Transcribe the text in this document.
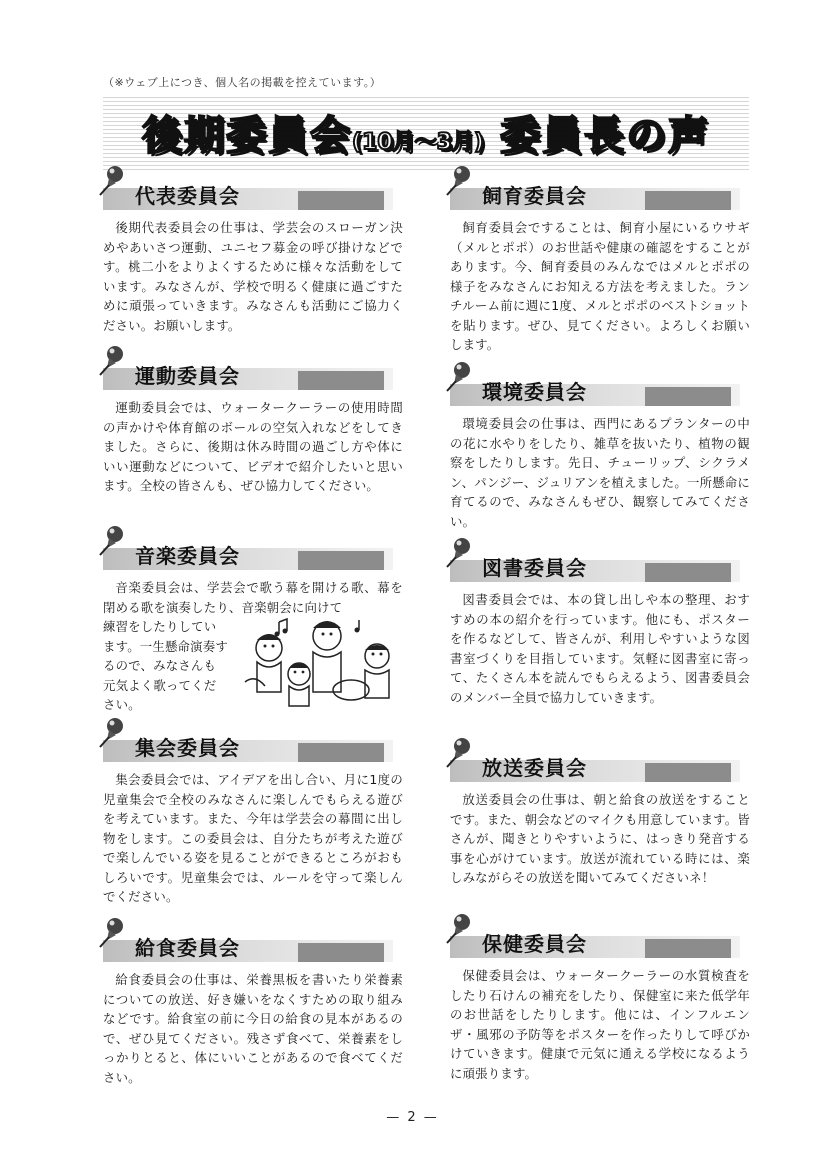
（※ウェブ上につき、個人名の掲載を控えています。）
後期委員会(10月〜3月) 委員長の声
代表委員会

後期代表委員会の仕事は、学芸会のスローガン決めやあいさつ運動、ユニセフ募金の呼び掛けなどです。桃二小をよりよくするために様々な活動をしています。みなさんが、学校で明るく健康に過ごすために頑張っていきます。みなさんも活動にご協力ください。お願いします。

運動委員会

運動委員会では、ウォータークーラーの使用時間の声かけや体育館のボールの空気入れなどをしてきました。さらに、後期は休み時間の過ごし方や体にいい運動などについて、ビデオで紹介したいと思います。全校の皆さんも、ぜひ協力してください。

音楽委員会

音楽委員会は、学芸会で歌う幕を開ける歌、幕を閉める歌を演奏したり、音楽朝会に向けて

練習をしたりしています。一生懸命演奏するので、みなさんも元気よく歌ってください。

集会委員会

集会委員会では、アイデアを出し合い、月に1度の児童集会で全校のみなさんに楽しんでもらえる遊びを考えています。また、今年は学芸会の幕間に出し物をします。この委員会は、自分たちが考えた遊びで楽しんでいる姿を見ることができるところがおもしろいです。児童集会では、ルールを守って楽しんでください。

給食委員会

給食委員会の仕事は、栄養黒板を書いたり栄養素についての放送、好き嫌いをなくすための取り組みなどです。給食室の前に今日の給食の見本があるので、ぜひ見てください。残さず食べて、栄養素をしっかりとると、体にいいことがあるので食べてください。

飼育委員会

飼育委員会ですることは、飼育小屋にいるウサギ（メルとポポ）のお世話や健康の確認をすることがあります。今、飼育委員のみんなではメルとポポの様子をみなさんにお知える方法を考えました。ランチルーム前に週に1度、メルとポポのベストショットを貼ります。ぜひ、見てください。よろしくお願いします。

環境委員会

環境委員会の仕事は、西門にあるプランターの中の花に水やりをしたり、雑草を抜いたり、植物の観察をしたりします。先日、チューリップ、シクラメン、パンジー、ジュリアンを植えました。一所懸命に育てるので、みなさんもぜひ、観察してみてください。

図書委員会

図書委員会では、本の貸し出しや本の整理、おすすめの本の紹介を行っています。他にも、ポスターを作るなどして、皆さんが、利用しやすいような図書室づくりを目指しています。気軽に図書室に寄って、たくさん本を読んでもらえるよう、図書委員会のメンバー全員で協力していきます。

放送委員会

放送委員会の仕事は、朝と給食の放送をすることです。また、朝会などのマイクも用意しています。皆さんが、聞きとりやすいように、はっきり発音する事を心がけています。放送が流れている時には、楽しみながらその放送を聞いてみてくださいネ！

保健委員会

保健委員会は、ウォータークーラーの水質検査をしたり石けんの補充をしたり、保健室に来た低学年のお世話をしたりします。他には、インフルエンザ・風邪の予防等をポスターを作ったりして呼びかけていきます。健康で元気に通える学校になるように頑張ります。

— 2 —
